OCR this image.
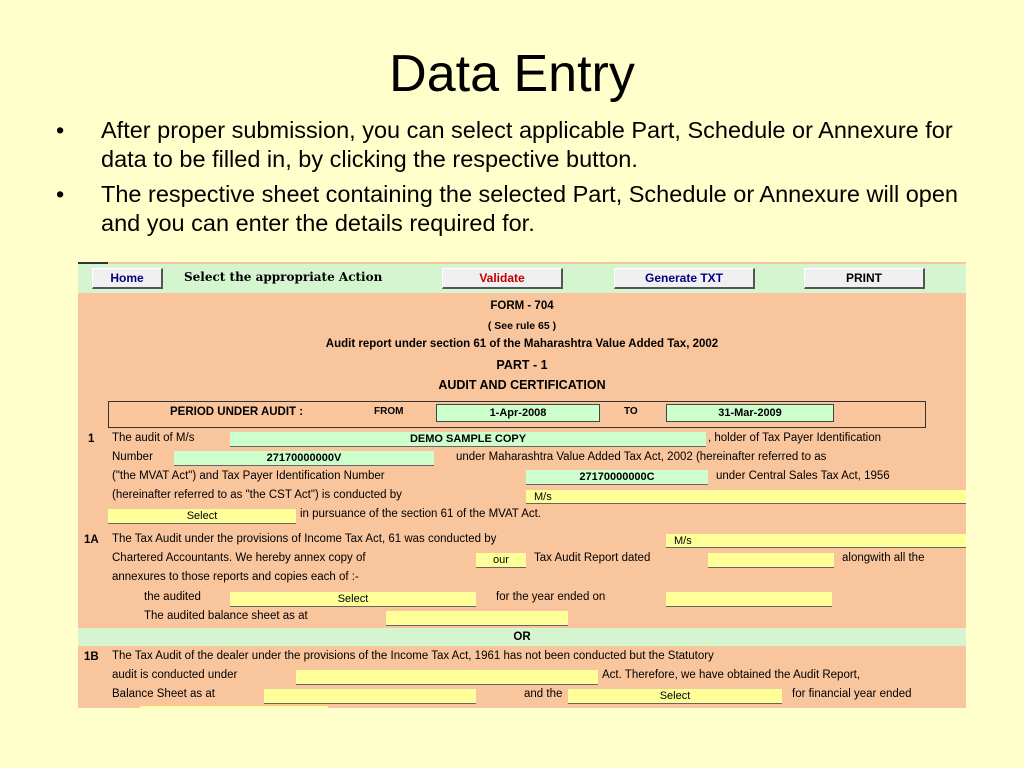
Data Entry
• After proper submission, you can select applicable Part, Schedule or Annexure for data to be filled in, by clicking the respective button.
• The respective sheet containing the selected Part, Schedule or Annexure will open and you can enter the details required for.
Home	Select the appropriate Action	Validate	Generate TXT	PRINT
FORM - 704
( See rule 65 )
Audit report under section 61 of the Maharashtra Value Added Tax, 2002
PART - 1
AUDIT AND CERTIFICATION
PERIOD UNDER AUDIT :	FROM	1-Apr-2008	TO	31-Mar-2009
1 The audit of M/s	DEMO SAMPLE COPY	, holder of Tax Payer Identification
Number	27170000000V	under Maharashtra Value Added Tax Act, 2002 (hereinafter referred to as
("the MVAT Act") and Tax Payer Identification Number	27170000000C	under Central Sales Tax Act, 1956
(hereinafter referred to as "the CST Act") is conducted by	M/s
Select	in pursuance of the section 61 of the MVAT Act.
1A The Tax Audit under the provisions of Income Tax Act, 61 was conducted by	M/s
Chartered Accountants. We hereby annex copy of	our	Tax Audit Report dated	alongwith all the
annexures to those reports and copies each of :-
the audited	Select	for the year ended on
The audited balance sheet as at
OR
1B The Tax Audit of the dealer under the provisions of the Income Tax Act, 1961 has not been conducted but the Statutory
audit is conducted under	Act. Therefore, we have obtained the Audit Report,
Balance Sheet as at	and the	Select	for financial year ended
